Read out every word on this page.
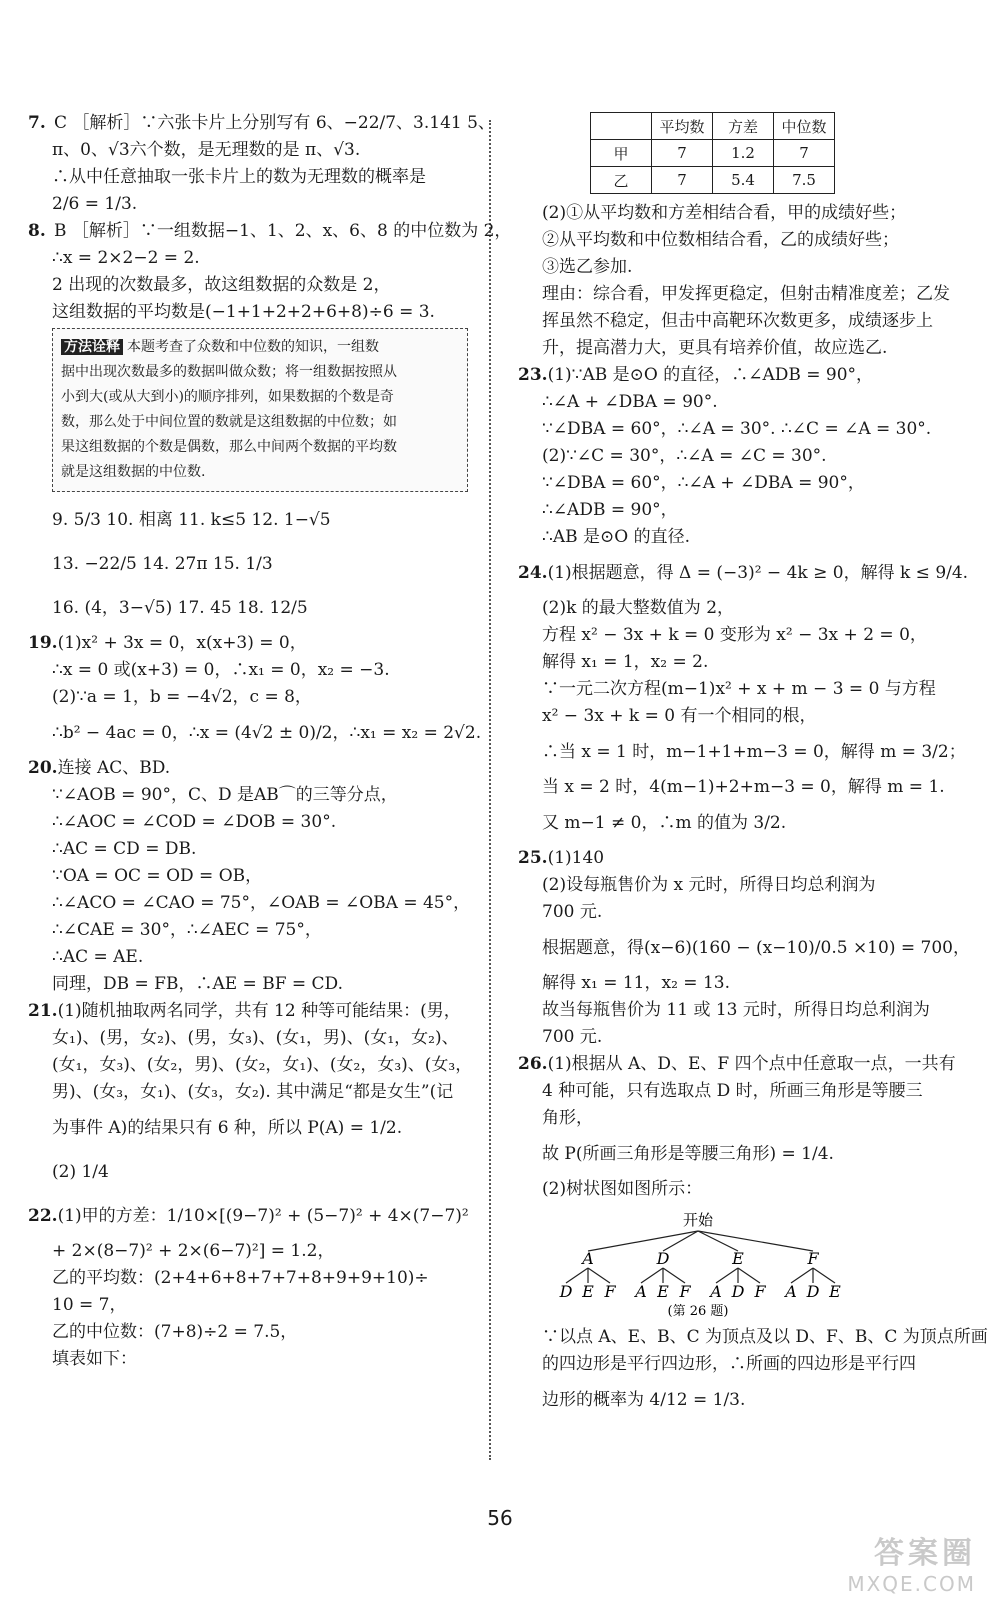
7. C ［解析］∵六张卡片上分别写有 6、−22/7、3.141 5、
π、0、√3六个数，是无理数的是 π、√3.
∴从中任意抽取一张卡片上的数为无理数的概率是
2/6 = 1/3.
8. B ［解析］∵一组数据−1、1、2、x、6、8 的中位数为 2，
∴x = 2×2−2 = 2.
2 出现的次数最多，故这组数据的众数是 2，
这组数据的平均数是(−1+1+2+2+6+8)÷6 = 3.
方法诠释 本题考查了众数和中位数的知识，一组数
据中出现次数最多的数据叫做众数；将一组数据按照从
小到大(或从大到小)的顺序排列，如果数据的个数是奇
数，那么处于中间位置的数就是这组数据的中位数；如
果这组数据的个数是偶数，那么中间两个数据的平均数
就是这组数据的中位数.
9. 5/3 10. 相离 11. k≤5 12. 1−√5
13. −22/5 14. 27π 15. 1/3
16. (4，3−√5) 17. 45 18. 12/5
19.(1)x² + 3x = 0，x(x+3) = 0，
∴x = 0 或(x+3) = 0，∴x₁ = 0，x₂ = −3.
(2)∵a = 1，b = −4√2，c = 8，
∴b² − 4ac = 0，∴x = (4√2 ± 0)/2，∴x₁ = x₂ = 2√2.
20.连接 AC、BD.
∵∠AOB = 90°，C、D 是AB⌒的三等分点，
∴∠AOC = ∠COD = ∠DOB = 30°.
∴AC = CD = DB.
∵OA = OC = OD = OB，
∴∠ACO = ∠CAO = 75°，∠OAB = ∠OBA = 45°，
∴∠CAE = 30°，∴∠AEC = 75°，
∴AC = AE.
同理，DB = FB，∴AE = BF = CD.
21.(1)随机抽取两名同学，共有 12 种等可能结果：(男，
女₁)、(男，女₂)、(男，女₃)、(女₁，男)、(女₁，女₂)、
(女₁，女₃)、(女₂，男)、(女₂，女₁)、(女₂，女₃)、(女₃，
男)、(女₃，女₁)、(女₃，女₂). 其中满足“都是女生”(记
为事件 A)的结果只有 6 种，所以 P(A) = 1/2.
(2) 1/4
22.(1)甲的方差：1/10×[(9−7)² + (5−7)² + 4×(7−7)²
+ 2×(8−7)² + 2×(6−7)²] = 1.2，
乙的平均数：(2+4+6+8+7+7+8+9+9+10)÷
10 = 7，
乙的中位数：(7+8)÷2 = 7.5，
填表如下：
	平均数	方差	中位数
甲	7	1.2	7
乙	7	5.4	7.5
(2)①从平均数和方差相结合看，甲的成绩好些；
②从平均数和中位数相结合看，乙的成绩好些；
③选乙参加.
理由：综合看，甲发挥更稳定，但射击精准度差；乙发
挥虽然不稳定，但击中高靶环次数更多，成绩逐步上
升，提高潜力大，更具有培养价值，故应选乙.
23.(1)∵AB 是⊙O 的直径，∴∠ADB = 90°，
∴∠A + ∠DBA = 90°.
∵∠DBA = 60°，∴∠A = 30°. ∴∠C = ∠A = 30°.
(2)∵∠C = 30°，∴∠A = ∠C = 30°.
∵∠DBA = 60°，∴∠A + ∠DBA = 90°，
∴∠ADB = 90°，
∴AB 是⊙O 的直径.
24.(1)根据题意，得 Δ = (−3)² − 4k ≥ 0，解得 k ≤ 9/4.
(2)k 的最大整数值为 2，
方程 x² − 3x + k = 0 变形为 x² − 3x + 2 = 0，
解得 x₁ = 1，x₂ = 2.
∵一元二次方程(m−1)x² + x + m − 3 = 0 与方程
x² − 3x + k = 0 有一个相同的根，
∴当 x = 1 时，m−1+1+m−3 = 0，解得 m = 3/2；
当 x = 2 时，4(m−1)+2+m−3 = 0，解得 m = 1.
又 m−1 ≠ 0，∴m 的值为 3/2.
25.(1)140
(2)设每瓶售价为 x 元时，所得日均总利润为
700 元.
根据题意，得(x−6)(160 − (x−10)/0.5 ×10) = 700，
解得 x₁ = 11，x₂ = 13.
故当每瓶售价为 11 或 13 元时，所得日均总利润为
700 元.
26.(1)根据从 A、D、E、F 四个点中任意取一点，一共有
4 种可能，只有选取点 D 时，所画三角形是等腰三
角形，
故 P(所画三角形是等腰三角形) = 1/4.
(2)树状图如图所示：
开始
A
D E F
D
A E F
E
A D F
F
A D E
(第 26 题)
∵以点 A、E、B、C 为顶点及以 D、F、B、C 为顶点所画
的四边形是平行四边形，∴所画的四边形是平行四
边形的概率为 4/12 = 1/3.
56
答案圈
MXQE.COM
